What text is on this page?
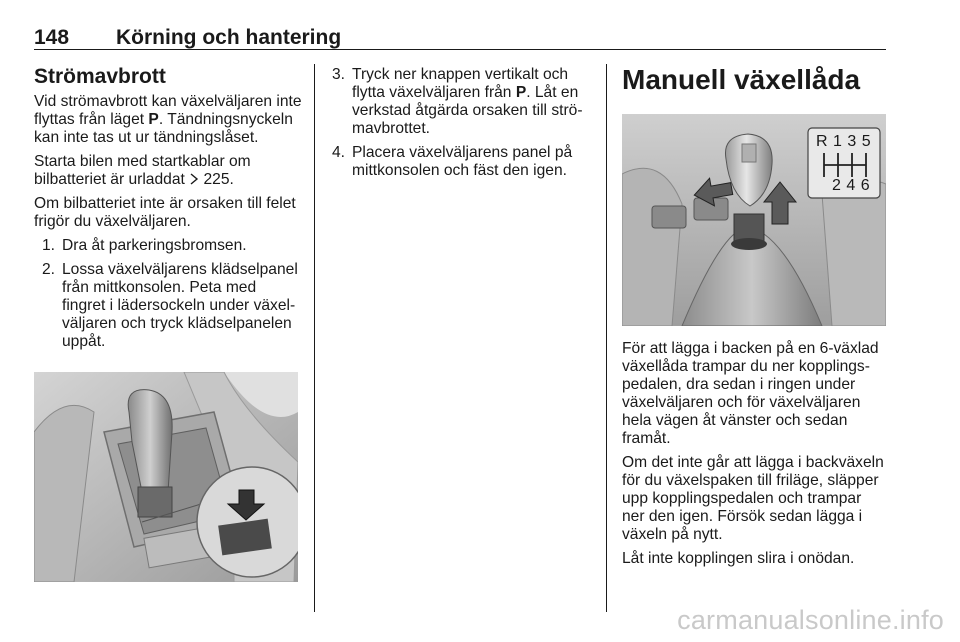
148 Körning och hantering
Strömavbrott

Vid strömavbrott kan växelväljaren inte flyttas från läget P. Tändningsnyckeln kan inte tas ut ur tändningslåset.

Starta bilen med startkablar om bilbatteriet är urladdat  225.

Om bilbatteriet inte är orsaken till felet frigör du växelväljaren.

1. Dra åt parkeringsbromsen.
2. Lossa växelväljarens klädselpanel från mittkonsolen. Peta med fingret i lädersockeln under växelväljaren och tryck klädselpanelen uppåt.
3. Tryck ner knappen vertikalt och flytta växelväljaren från P. Låt en verkstad åtgärda orsaken till strömavbrottet.
4. Placera växelväljarens panel på mittkonsolen och fäst den igen.
Manuell växellåda
R 1 3 5
2 4 6

För att lägga i backen på en 6-växlad växellåda trampar du ner kopplingspedalen, dra sedan i ringen under växelväljaren och för växelväljaren hela vägen åt vänster och sedan framåt.

Om det inte går att lägga i backväxeln för du växelspaken till friläge, släpper upp kopplingspedalen och trampar ner den igen. Försök sedan lägga i växeln på nytt.

Låt inte kopplingen slira i onödan.

carmanualsonline.info
